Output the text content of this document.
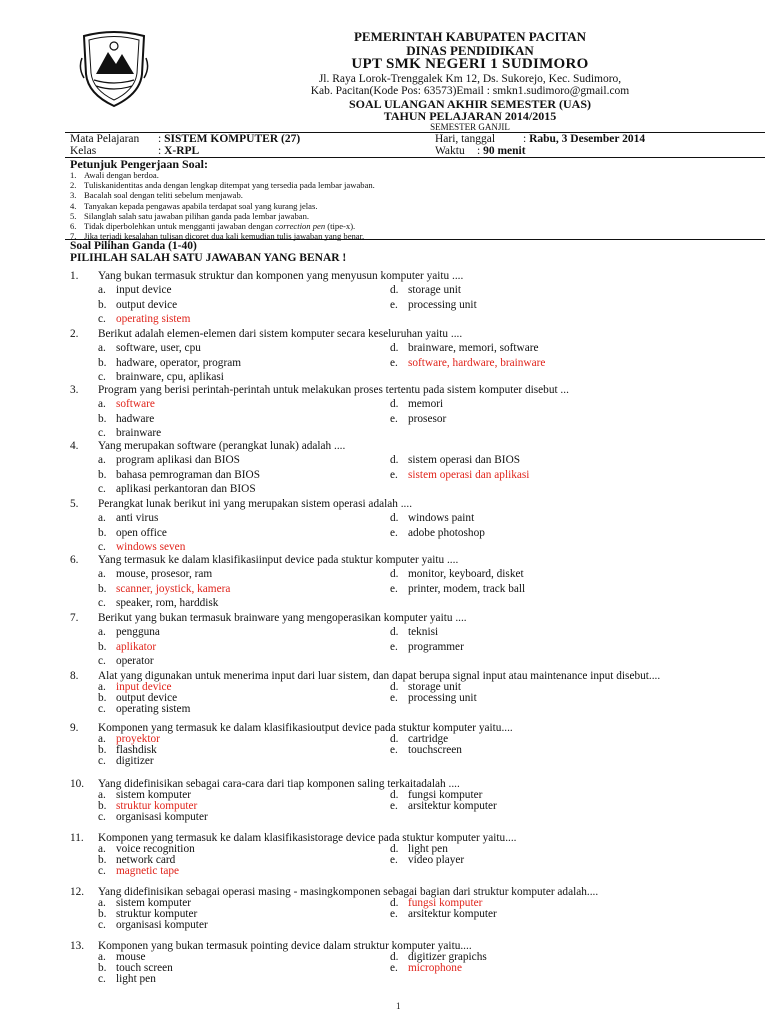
PEMERINTAH KABUPATEN PACITAN
DINAS PENDIDIKAN
UPT SMK NEGERI 1 SUDIMORO
Jl. Raya Lorok-Trenggalek Km 12, Ds. Sukorejo, Kec. Sudimoro,
Kab. Pacitan(Kode Pos: 63573)Email : smkn1.sudimoro@gmail.com
SOAL ULANGAN AKHIR SEMESTER (UAS)
TAHUN PELAJARAN 2014/2015
SEMESTER GANJIL
Mata Pelajaran : SISTEM KOMPUTER (27)	Hari, tanggal : Rabu, 3 Desember 2014
Kelas	: X-RPL	Waktu : 90 menit
Petunjuk Pengerjaan Soal:
1. Awali dengan berdoa.
2. Tuliskanidentitas anda dengan lengkap ditempat yang tersedia pada lembar jawaban.
3. Bacalah soal dengan teliti sebelum menjawab.
4. Tanyakan kepada pengawas apabila terdapat soal yang kurang jelas.
5. Silanglah salah satu jawaban pilihan ganda pada lembar jawaban.
6. Tidak diperbolehkan untuk mengganti jawaban dengan correction pen (tipe-x).
7. Jika terjadi kesalahan tulisan dicoret dua kali kemudian tulis jawaban yang benar.
Soal Pilihan Ganda (1-40)
PILIHLAH SALAH SATU JAWABAN YANG BENAR !
1. Yang bukan termasuk struktur dan komponen yang menyusun komputer yaitu ....
a. input device
b. output device
c. operating sistem
d. storage unit
e. processing unit
2. Berikut adalah elemen-elemen dari sistem komputer secara keseluruhan yaitu ....
a. software, user, cpu
b. hadware, operator, program
c. brainware, cpu, aplikasi
d. brainware, memori, software
e. software, hardware, brainware
3. Program yang berisi perintah-perintah untuk melakukan proses tertentu pada sistem komputer disebut ...
a. software
b. hadware
c. brainware
d. memori
e. prosesor
4. Yang merupakan software (perangkat lunak) adalah ....
a. program aplikasi dan BIOS
b. bahasa pemrograman dan BIOS
c. aplikasi perkantoran dan BIOS
d. sistem operasi dan BIOS
e. sistem operasi dan aplikasi
5. Perangkat lunak berikut ini yang merupakan sistem operasi adalah ....
a. anti virus
b. open office
c. windows seven
d. windows paint
e. adobe photoshop
6. Yang termasuk ke dalam klasifikasiinput device pada stuktur komputer yaitu ....
a. mouse, prosesor, ram
b. scanner, joystick, kamera
c. speaker, rom, harddisk
d. monitor, keyboard, disket
e. printer, modem, track ball
7. Berikut yang bukan termasuk brainware yang mengoperasikan komputer yaitu ....
a. pengguna
b. aplikator
c. operator
d. teknisi
e. programmer
8. Alat yang digunakan untuk menerima input dari luar sistem, dan dapat berupa signal input atau maintenance input disebut....
a. input device
b. output device
c. operating sistem
d. storage unit
e. processing unit
9. Komponen yang termasuk ke dalam klasifikasioutput device pada stuktur komputer yaitu....
a. proyektor
b. flashdisk
c. digitizer
d. cartridge
e. touchscreen
10. Yang didefinisikan sebagai cara-cara dari tiap komponen saling terkaitadalah ....
a. sistem komputer
b. struktur komputer
c. organisasi komputer
d. fungsi komputer
e. arsitektur komputer
11. Komponen yang termasuk ke dalam klasifikasistorage device pada stuktur komputer yaitu....
a. voice recognition
b. network card
c. magnetic tape
d. light pen
e. video player
12. Yang didefinisikan sebagai operasi masing - masingkomponen sebagai bagian dari struktur komputer adalah....
a. sistem komputer
b. struktur komputer
c. organisasi komputer
d. fungsi komputer
e. arsitektur komputer
13. Komponen yang bukan termasuk pointing device dalam struktur komputer yaitu....
a. mouse
b. touch screen
c. light pen
d. digitizer grapichs
e. microphone
1
